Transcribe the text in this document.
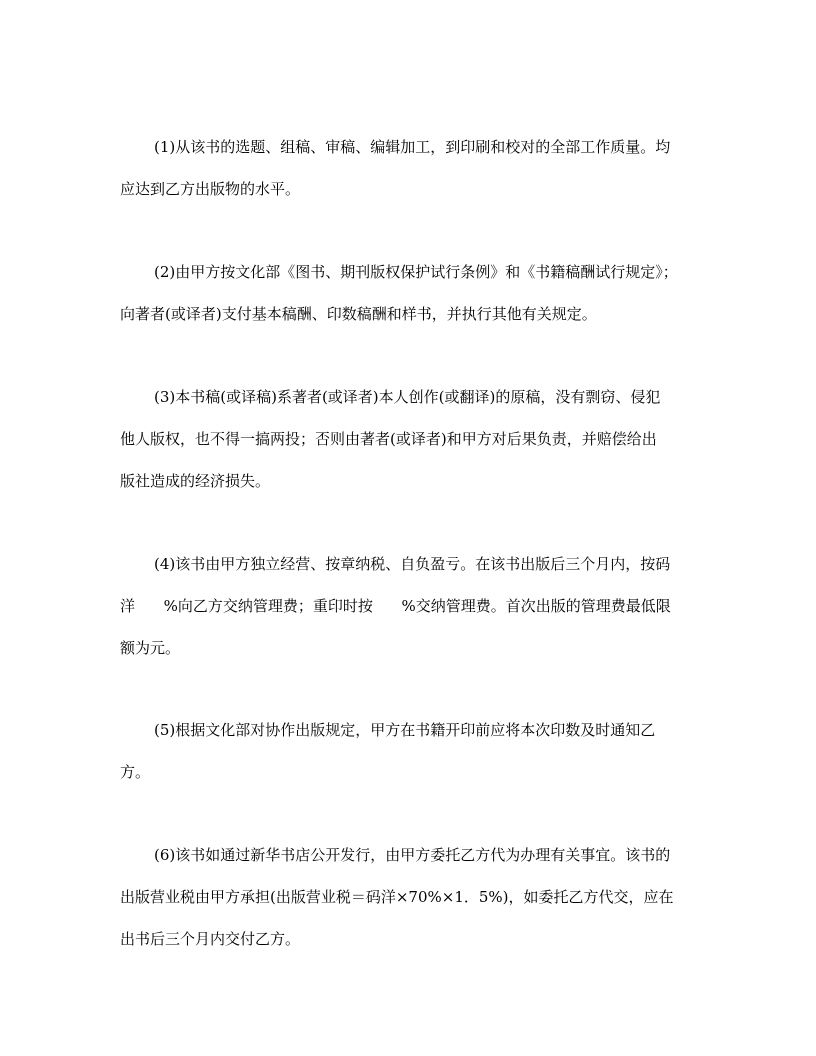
(1)从该书的选题、组稿、审稿、编辑加工，到印刷和校对的全部工作质量。均
应达到乙方出版物的水平。
(2)由甲方按文化部《图书、期刊版权保护试行条例》和《书籍稿酬试行规定》；
向著者(或译者)支付基本稿酬、印数稿酬和样书，并执行其他有关规定。
(3)本书稿(或译稿)系著者(或译者)本人创作(或翻译)的原稿，没有剽窃、侵犯
他人版权，也不得一搞两投；否则由著者(或译者)和甲方对后果负责，并赔偿给出
版社造成的经济损失。
(4)该书由甲方独立经营、按章纳税、自负盈亏。在该书出版后三个月内，按码
洋      %向乙方交纳管理费；重印时按      %交纳管理费。首次出版的管理费最低限
额为元。
(5)根据文化部对协作出版规定，甲方在书籍开印前应将本次印数及时通知乙
方。
(6)该书如通过新华书店公开发行，由甲方委托乙方代为办理有关事宜。该书的
出版营业税由甲方承担(出版营业税＝码洋×70%×1．5%)，如委托乙方代交，应在
出书后三个月内交付乙方。
